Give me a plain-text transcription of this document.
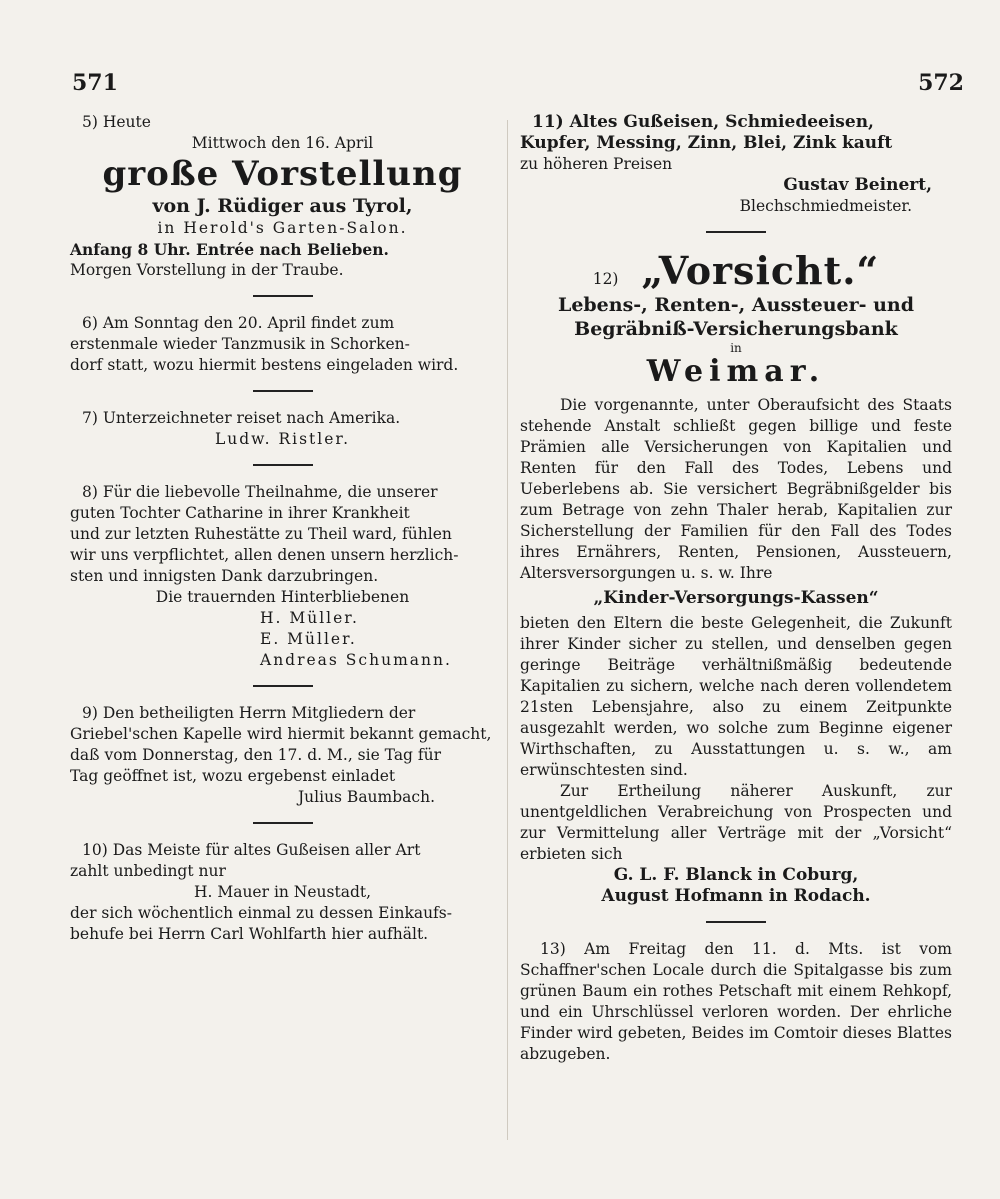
571	572

5) Heute

Mittwoch den 16. April

große Vorstellung

von J. Rüdiger aus Tyrol,

in Herold's Garten-Salon.

Anfang 8 Uhr. Entrée nach Belieben.

Morgen Vorstellung in der Traube.

6) Am Sonntag den 20. April findet zum

erstenmale wieder Tanzmusik in Schorken-

dorf statt, wozu hiermit bestens eingeladen wird.

7) Unterzeichneter reiset nach Amerika.

Ludw. Ristler.

8) Für die liebevolle Theilnahme, die unserer

guten Tochter Catharine in ihrer Krankheit

und zur letzten Ruhestätte zu Theil ward, fühlen

wir uns verpflichtet, allen denen unsern herzlich-

sten und innigsten Dank darzubringen.

Die trauernden Hinterbliebenen

H. Müller.

E. Müller.

Andreas Schumann.

9) Den betheiligten Herrn Mitgliedern der

Griebel'schen Kapelle wird hiermit bekannt gemacht,

daß vom Donnerstag, den 17. d. M., sie Tag für

Tag geöffnet ist, wozu ergebenst einladet

Julius Baumbach.

10) Das Meiste für altes Gußeisen aller Art

zahlt unbedingt nur

H. Mauer in Neustadt,

der sich wöchentlich einmal zu dessen Einkaufs-

behufe bei Herrn Carl Wohlfarth hier aufhält.

11) Altes Gußeisen, Schmiedeeisen,

Kupfer, Messing, Zinn, Blei, Zink kauft

zu höheren Preisen

Gustav Beinert,

Blechschmiedmeister.

12) „Vorsicht.“

Lebens-, Renten-, Aussteuer- und

Begräbniß-Versicherungsbank

in

Weimar.

Die vorgenannte, unter Oberaufsicht des Staats stehende Anstalt schließt gegen billige und feste Prämien alle Versicherungen von Kapitalien und Renten für den Fall des Todes, Lebens und Ueberlebens ab. Sie versichert Begräbnißgelder bis zum Betrage von zehn Thaler herab, Kapitalien zur Sicherstellung der Familien für den Fall des Todes ihres Ernährers, Renten, Pensionen, Aussteuern, Altersversorgungen u. s. w. Ihre

„Kinder-Versorgungs-Kassen“

bieten den Eltern die beste Gelegenheit, die Zukunft ihrer Kinder sicher zu stellen, und denselben gegen geringe Beiträge verhältnißmäßig bedeutende Kapitalien zu sichern, welche nach deren vollendetem 21sten Lebensjahre, also zu einem Zeitpunkte ausgezahlt werden, wo solche zum Beginne eigener Wirthschaften, zu Ausstattungen u. s. w., am erwünschtesten sind.

Zur Ertheilung näherer Auskunft, zur unentgeldlichen Verabreichung von Prospecten und zur Vermittelung aller Verträge mit der „Vorsicht“ erbieten sich

G. L. F. Blanck in Coburg,

August Hofmann in Rodach.

13) Am Freitag den 11. d. Mts. ist vom Schaffner'schen Locale durch die Spitalgasse bis zum grünen Baum ein rothes Petschaft mit einem Rehkopf, und ein Uhrschlüssel verloren worden. Der ehrliche Finder wird gebeten, Beides im Comtoir dieses Blattes abzugeben.
